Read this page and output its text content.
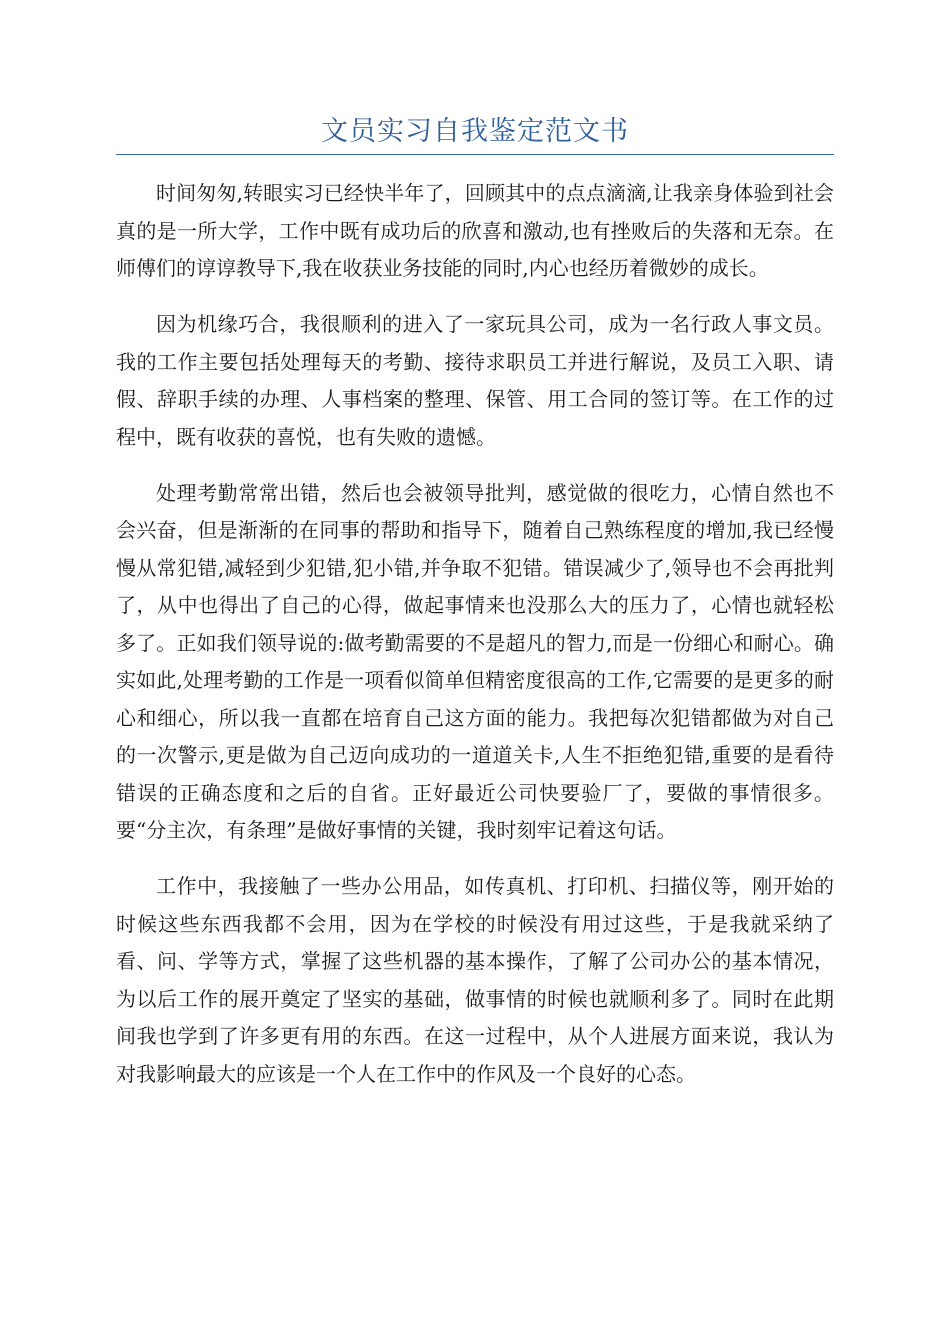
文员实习自我鉴定范文书

时间匆匆,转眼实习已经快半年了，回顾其中的点点滴滴,让我亲身体验到社会真的是一所大学，工作中既有成功后的欣喜和激动,也有挫败后的失落和无奈。在师傅们的谆谆教导下,我在收获业务技能的同时,内心也经历着微妙的成长。

因为机缘巧合，我很顺利的进入了一家玩具公司，成为一名行政人事文员。我的工作主要包括处理每天的考勤、接待求职员工并进行解说，及员工入职、请假、辞职手续的办理、人事档案的整理、保管、用工合同的签订等。在工作的过程中，既有收获的喜悦，也有失败的遗憾。

处理考勤常常出错，然后也会被领导批判，感觉做的很吃力，心情自然也不会兴奋，但是渐渐的在同事的帮助和指导下，随着自己熟练程度的增加,我已经慢慢从常犯错,减轻到少犯错,犯小错,并争取不犯错。错误减少了,领导也不会再批判了，从中也得出了自己的心得，做起事情来也没那么大的压力了，心情也就轻松多了。正如我们领导说的:做考勤需要的不是超凡的智力,而是一份细心和耐心。确实如此,处理考勤的工作是一项看似简单但精密度很高的工作,它需要的是更多的耐心和细心，所以我一直都在培育自己这方面的能力。我把每次犯错都做为对自己的一次警示,更是做为自己迈向成功的一道道关卡,人生不拒绝犯错,重要的是看待错误的正确态度和之后的自省。正好最近公司快要验厂了，要做的事情很多。要“分主次，有条理”是做好事情的关键，我时刻牢记着这句话。

工作中，我接触了一些办公用品，如传真机、打印机、扫描仪等，刚开始的时候这些东西我都不会用，因为在学校的时候没有用过这些，于是我就采纳了看、问、学等方式，掌握了这些机器的基本操作，了解了公司办公的基本情况，为以后工作的展开奠定了坚实的基础，做事情的时候也就顺利多了。同时在此期间我也学到了许多更有用的东西。在这一过程中，从个人进展方面来说，我认为对我影响最大的应该是一个人在工作中的作风及一个良好的心态。
